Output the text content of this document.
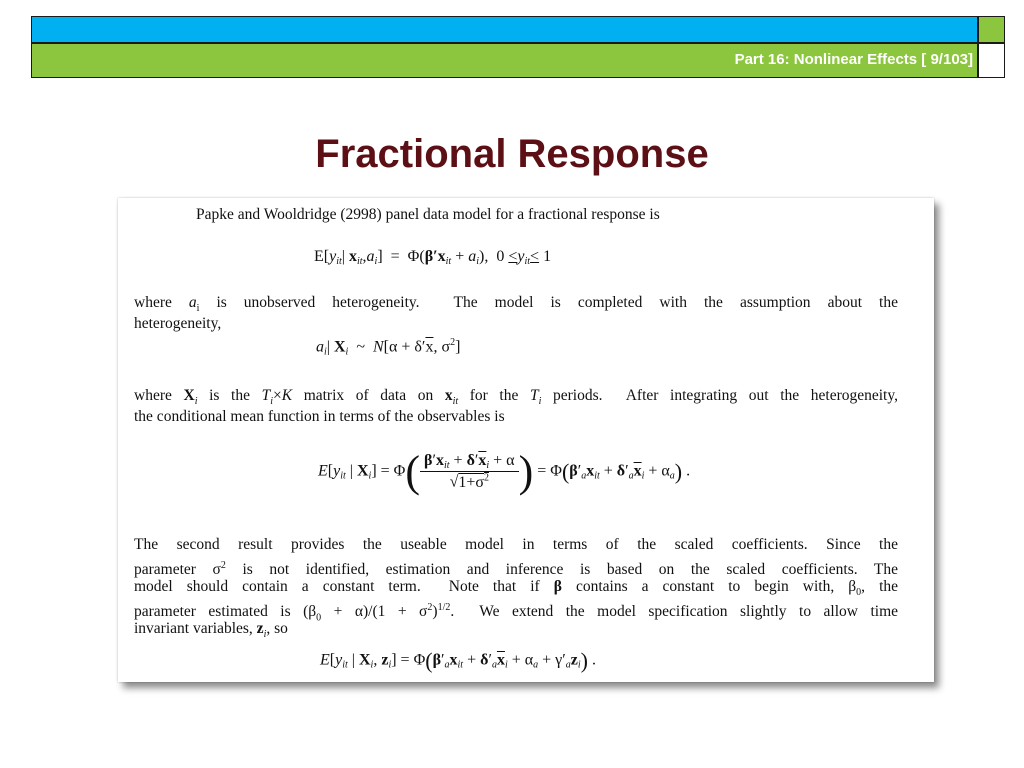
Part 16: Nonlinear Effects [ 9/103]
Fractional Response
Papke and Wooldridge (2998) panel data model for a fractional response is
$E[y_{it}|$ $x_{it},a_i] = \Phi(\beta'x_{it} + a_i)$,  $0 <y_{it}< 1$
where $a_i$ is unobserved heterogeneity.  The model is completed with the assumption about the
heterogeneity,
$a_i|$ $X_i$  ~  $N[\alpha + \delta'\overline{x}$, $\sigma^2$]
where $X_i$ is the $T_i\times K$ matrix of data on $x_{it}$ for the $T_i$ periods.  After integrating out the heterogeneity,
the conditional mean function in terms of the observables is
$E[y_{it}$ | $X_i] = \Phi( \frac{\beta'x_{it} + \delta'\overline{x}_i + \alpha}{√1+\sigma^2}$ ) = $\Phi(\beta'_ax_{it} + \delta'_a\overline{x}_i + \alpha_a)$ .
The second result provides the useable model in terms of the scaled coefficients. Since the
parameter $\sigma^2$ is not identified, estimation and inference is based on the scaled coefficients. The
model should contain a constant term.  Note that if β contains a constant to begin with, $\beta_0$, the
parameter estimated is $(\beta_0 + \alpha)/(1 + \sigma^2)^{1/2}$.  We extend the model specification slightly to allow time
invariant variables, $z_i$, so
$E[y_{it}$ | $X_i$, $z_i] = \Phi(\beta'_ax_{it} + \delta'_a\overline{x}_i + \alpha_a + \gamma'_az_i)$ .
